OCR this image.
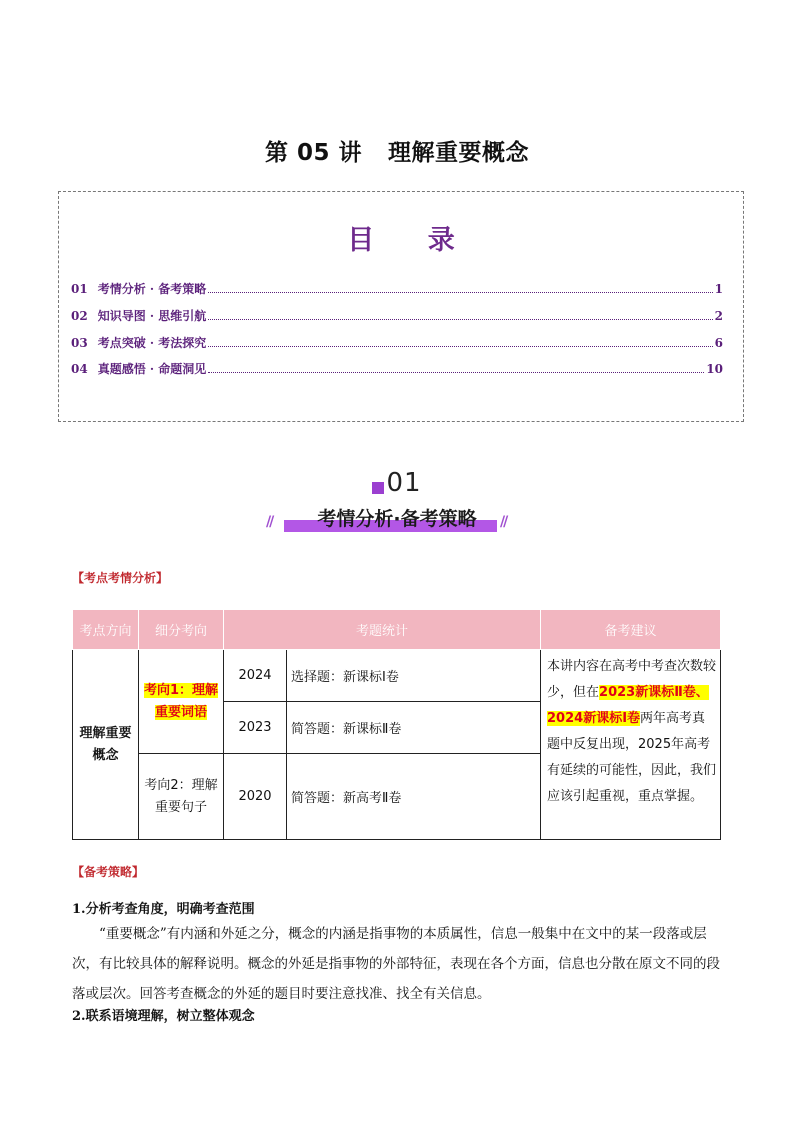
第 05 讲 理解重要概念
目 录
01 考情分析 · 备考策略	1
02 知识导图 · 思维引航	2
03 考点突破 · 考法探究	6
04 真题感悟 · 命题洞见	10
01
//	考情分析·备考策略	//
【考点考情分析】
考点方向	细分考向	考题统计		备考建议
理解重要概念	考向1：理解重要词语	2024	选择题：新课标Ⅰ卷	本讲内容在高考中考查次数较少，但在2023新课标Ⅱ卷、2024新课标Ⅰ卷两年高考真题中反复出现，2025年高考有延续的可能性，因此，我们应该引起重视，重点掌握。
		2023	简答题：新课标Ⅱ卷	
	考向2：理解重要句子	2020	简答题：新高考Ⅱ卷	
【备考策略】
1.分析考查角度，明确考查范围
“重要概念”有内涵和外延之分，概念的内涵是指事物的本质属性，信息一般集中在文中的某一段落或层次，有比较具体的解释说明。概念的外延是指事物的外部特征，表现在各个方面，信息也分散在原文不同的段落或层次。回答考查概念的外延的题目时要注意找准、找全有关信息。
2.联系语境理解，树立整体观念
